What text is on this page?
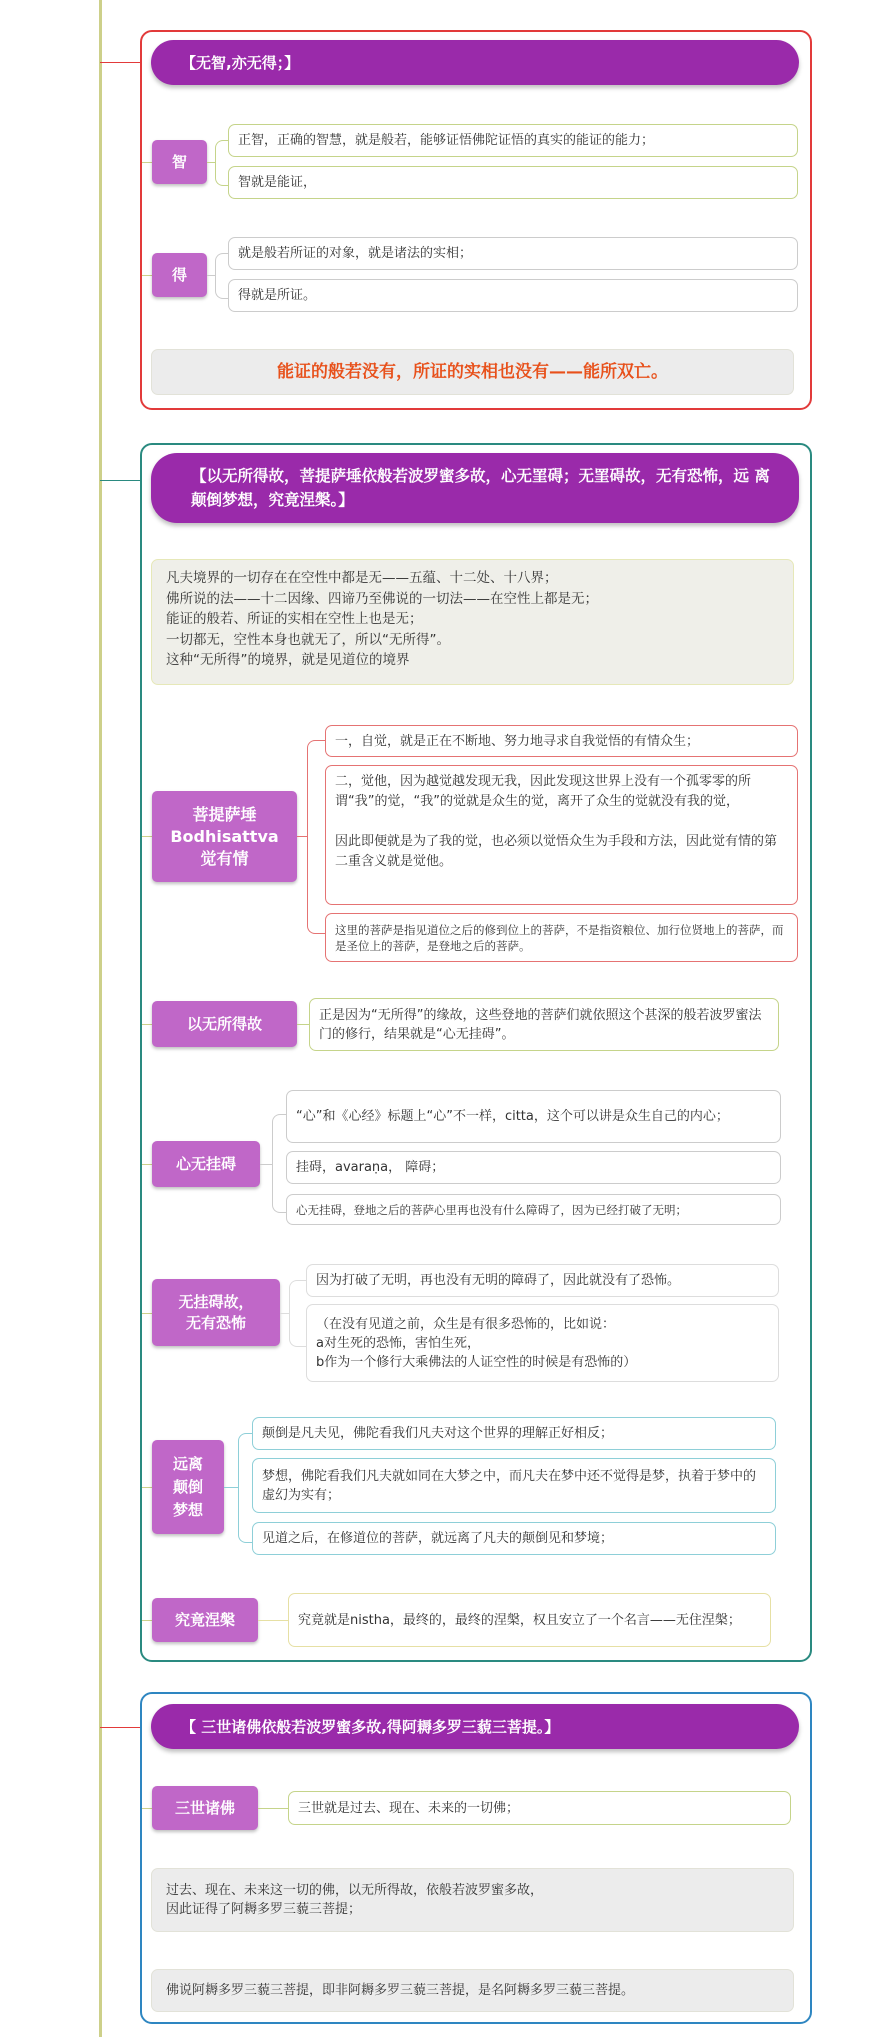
【无智,亦无得；】
智
正智，正确的智慧，就是般若，能够证悟佛陀证悟的真实的能证的能力；
智就是能证，
得
就是般若所证的对象，就是诸法的实相；
得就是所证。
能证的般若没有，所证的实相也没有——能所双亡。
【以无所得故，菩提萨埵依般若波罗蜜多故，心无罣碍；无罣碍故，无有恐怖，远 离颠倒梦想，究竟涅槃。】
凡夫境界的一切存在在空性中都是无——五蕴、十二处、十八界；
佛所说的法——十二因缘、四谛乃至佛说的一切法——在空性上都是无；
能证的般若、所证的实相在空性上也是无；
一切都无，空性本身也就无了，所以“无所得”。
这种“无所得”的境界，就是见道位的境界
菩提萨埵
Bodhisattva
觉有情
一，自觉，就是正在不断地、努力地寻求自我觉悟的有情众生；
二，觉他，因为越觉越发现无我，因此发现这世界上没有一个孤零零的所谓“我”的觉，“我”的觉就是众生的觉，离开了众生的觉就没有我的觉，

因此即便就是为了我的觉，也必须以觉悟众生为手段和方法，因此觉有情的第二重含义就是觉他。
这里的菩萨是指见道位之后的修到位上的菩萨，不是指资粮位、加行位贤地上的菩萨，而是圣位上的菩萨，是登地之后的菩萨。
以无所得故	正是因为“无所得”的缘故，这些登地的菩萨们就依照这个甚深的般若波罗蜜法门的修行，结果就是“心无挂碍”。
心无挂碍
“心”和《心经》标题上“心”不一样，citta，这个可以讲是众生自己的内心；
挂碍，avaraṇa， 障碍；
心无挂碍，登地之后的菩萨心里再也没有什么障碍了，因为已经打破了无明；
无挂碍故，
无有恐怖
因为打破了无明，再也没有无明的障碍了，因此就没有了恐怖。
（在没有见道之前，众生是有很多恐怖的，比如说：
a对生死的恐怖，害怕生死，
b作为一个修行大乘佛法的人证空性的时候是有恐怖的）
远离
颠倒
梦想
颠倒是凡夫见，佛陀看我们凡夫对这个世界的理解正好相反；
梦想，佛陀看我们凡夫就如同在大梦之中，而凡夫在梦中还不觉得是梦，执着于梦中的虚幻为实有；
见道之后，在修道位的菩萨，就远离了凡夫的颠倒见和梦境；
究竟涅槃	究竟就是nistha，最终的，最终的涅槃，权且安立了一个名言——无住涅槃；
【 三世诸佛依般若波罗蜜多故,得阿耨多罗三藐三菩提。】
三世诸佛	三世就是过去、现在、未来的一切佛；
过去、现在、未来这一切的佛，以无所得故，依般若波罗蜜多故，
因此证得了阿耨多罗三藐三菩提；
佛说阿耨多罗三藐三菩提，即非阿耨多罗三藐三菩提，是名阿耨多罗三藐三菩提。
